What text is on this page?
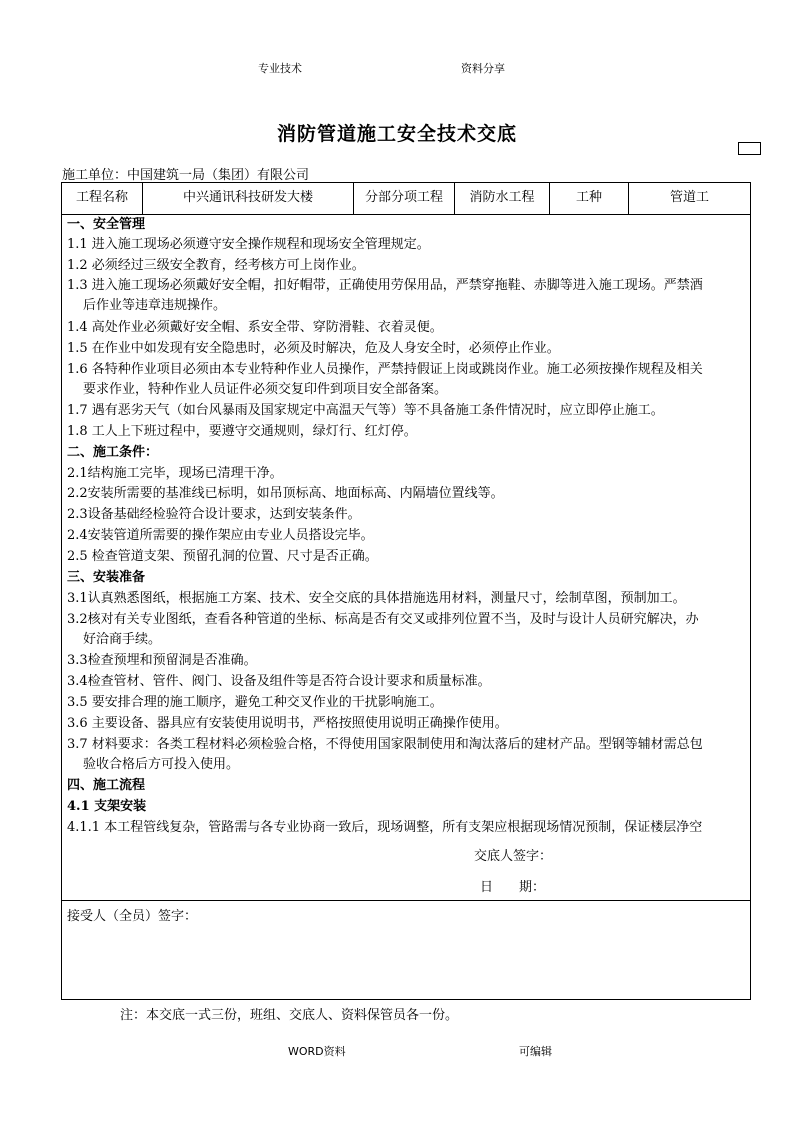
专业技术	资料分享
消防管道施工安全技术交底
施工单位：中国建筑一局（集团）有限公司
工程名称	中兴通讯科技研发大楼	分部分项工程	消防水工程	工种	管道工
一、安全管理
1.1 进入施工现场必须遵守安全操作规程和现场安全管理规定。
1.2 必须经过三级安全教育，经考核方可上岗作业。
1.3 进入施工现场必须戴好安全帽，扣好帽带，正确使用劳保用品，严禁穿拖鞋、赤脚等进入施工现场。严禁酒
后作业等违章违规操作。
1.4 高处作业必须戴好安全帽、系安全带、穿防滑鞋、衣着灵便。
1.5 在作业中如发现有安全隐患时，必须及时解决，危及人身安全时，必须停止作业。
1.6 各特种作业项目必须由本专业特种作业人员操作，严禁持假证上岗或跳岗作业。施工必须按操作规程及相关
要求作业，特种作业人员证件必须交复印件到项目安全部备案。
1.7 遇有恶劣天气（如台风暴雨及国家规定中高温天气等）等不具备施工条件情况时，应立即停止施工。
1.8 工人上下班过程中，要遵守交通规则，绿灯行、红灯停。
二、施工条件：
2.1结构施工完毕，现场已清理干净。
2.2安装所需要的基准线已标明，如吊顶标高、地面标高、内隔墙位置线等。
2.3设备基础经检验符合设计要求，达到安装条件。
2.4安装管道所需要的操作架应由专业人员搭设完毕。
2.5 检查管道支架、预留孔洞的位置、尺寸是否正确。
三、安装准备
3.1认真熟悉图纸，根据施工方案、技术、安全交底的具体措施选用材料，测量尺寸，绘制草图，预制加工。
3.2核对有关专业图纸，查看各种管道的坐标、标高是否有交叉或排列位置不当，及时与设计人员研究解决，办
好洽商手续。
3.3检查预埋和预留洞是否准确。
3.4检查管材、管件、阀门、设备及组件等是否符合设计要求和质量标准。
3.5 要安排合理的施工顺序，避免工种交叉作业的干扰影响施工。
3.6 主要设备、器具应有安装使用说明书，严格按照使用说明正确操作使用。
3.7 材料要求：各类工程材料必须检验合格，不得使用国家限制使用和淘汰落后的建材产品。型钢等辅材需总包
验收合格后方可投入使用。
四、施工流程
4.1 支架安装
4.1.1 本工程管线复杂，管路需与各专业协商一致后，现场调整，所有支架应根据现场情况预制，保证楼层净空
交底人签字：
日　　期：
接受人（全员）签字：
注：本交底一式三份，班组、交底人、资料保管员各一份。
WORD资料	可编辑
